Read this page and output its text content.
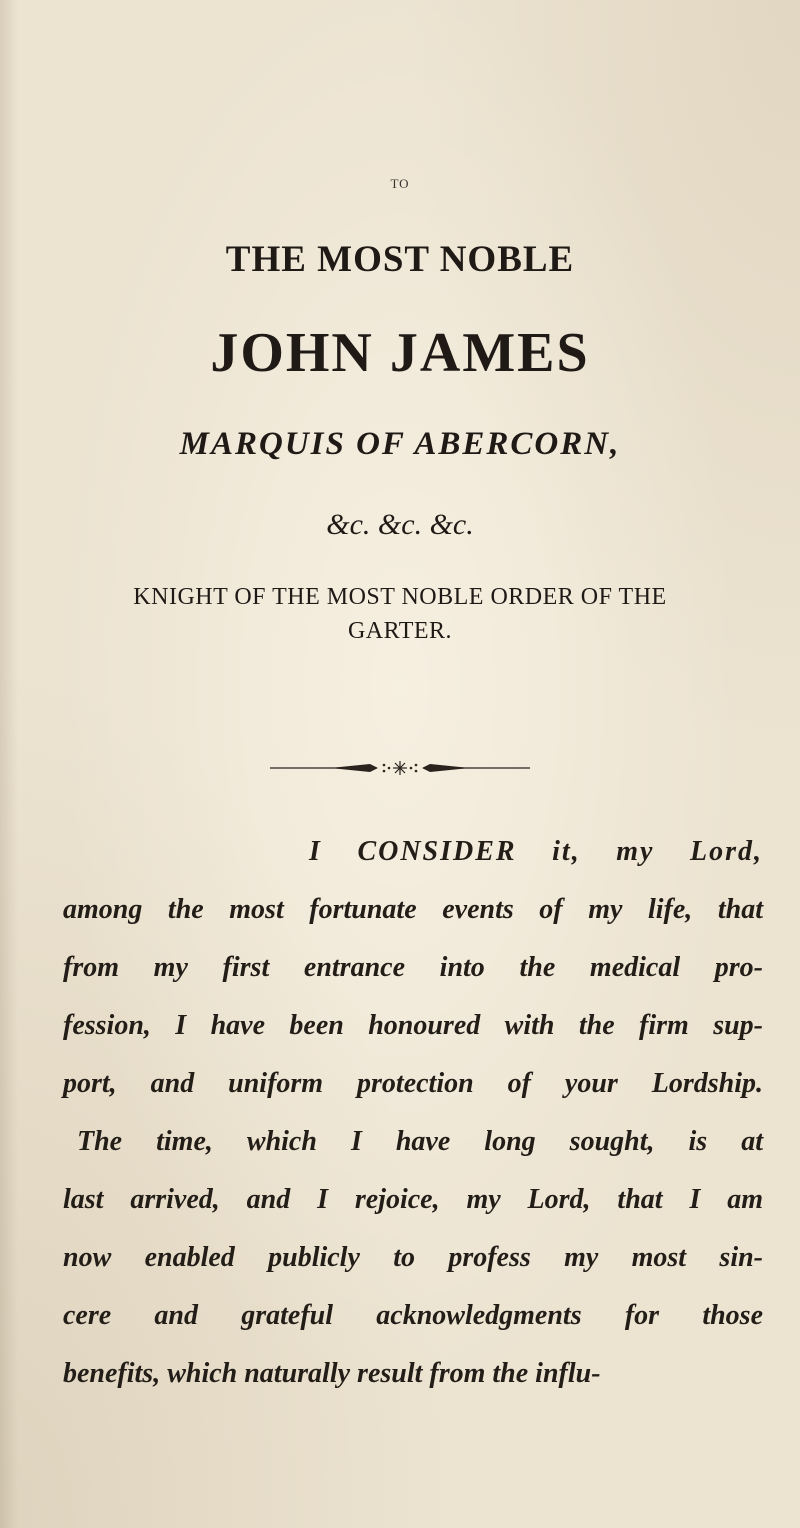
TO
THE MOST NOBLE
JOHN JAMES
MARQUIS OF ABERCORN,
&c. &c. &c.
KNIGHT OF THE MOST NOBLE ORDER OF THE
GARTER.
I CONSIDER it, my Lord,
among the most fortunate events of my life, that
from my first entrance into the medical pro-
fession, I have been honoured with the firm sup-
port, and uniform protection of your Lordship.
The time, which I have long sought, is at
last arrived, and I rejoice, my Lord, that I am
now enabled publicly to profess my most sin-
cere and grateful acknowledgments for those
benefits, which naturally result from the influ-
